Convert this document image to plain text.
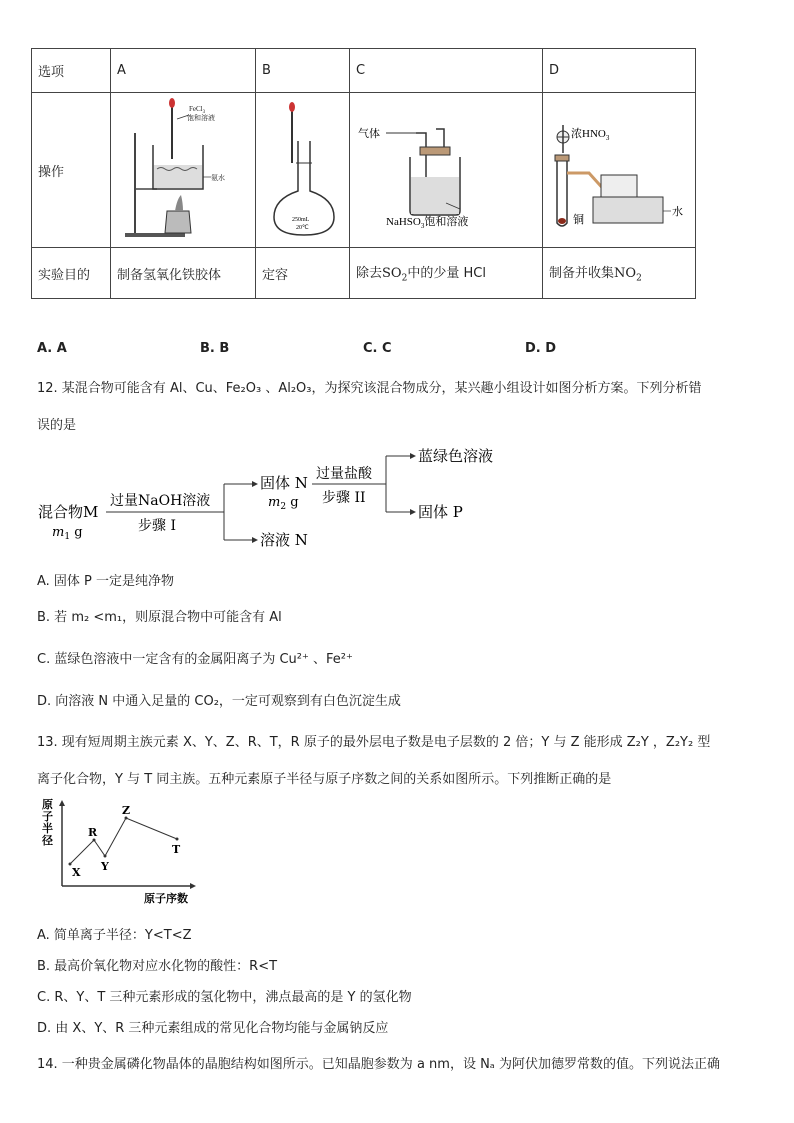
选项	A	B	C	D
操作	FeCl$_3$
饱和溶液
氨水	250mL
20℃	气体
NaHSO$_3$饱和溶液	浓$HNO_3$
铜
水

实验目的	制备氢氧化铁胶体	定容	除去$SO_2$中的少量 HCl	制备并收集$NO_2$
A. A	B. B	C. C	D. D
12. 某混合物可能含有 Al、Cu、Fe₂O₃ 、Al₂O₃，为探究该混合物成分，某兴趣小组设计如图分析方案。下列分析错
误的是
混合物M
$m_1$ g
过量NaOH溶液
步骤 I
固体 N
$m_2$ g
溶液 N
过量盐酸
步骤 II
蓝绿色溶液
固体 P
A. 固体 P 一定是纯净物
B. 若 m₂ <m₁，则原混合物中可能含有 Al
C. 蓝绿色溶液中一定含有的金属阳离子为 Cu²⁺ 、Fe²⁺
D. 向溶液 N 中通入足量的 CO₂，一定可观察到有白色沉淀生成
13. 现有短周期主族元素 X、Y、Z、R、T，R 原子的最外层电子数是电子层数的 2 倍；Y 与 Z 能形成 Z₂Y ，Z₂Y₂ 型
离子化合物，Y 与 T 同主族。五种元素原子半径与原子序数之间的关系如图所示。下列推断正确的是
原
子
半
径
X
R
Y
Z
T
原子序数
A. 简单离子半径：Y<T<Z
B. 最高价氧化物对应水化物的酸性：R<T
C. R、Y、T 三种元素形成的氢化物中，沸点最高的是 Y 的氢化物
D. 由 X、Y、R 三种元素组成的常见化合物均能与金属钠反应
14. 一种贵金属磷化物晶体的晶胞结构如图所示。已知晶胞参数为 a nm，设 Nₐ 为阿伏加德罗常数的值。下列说法正确
